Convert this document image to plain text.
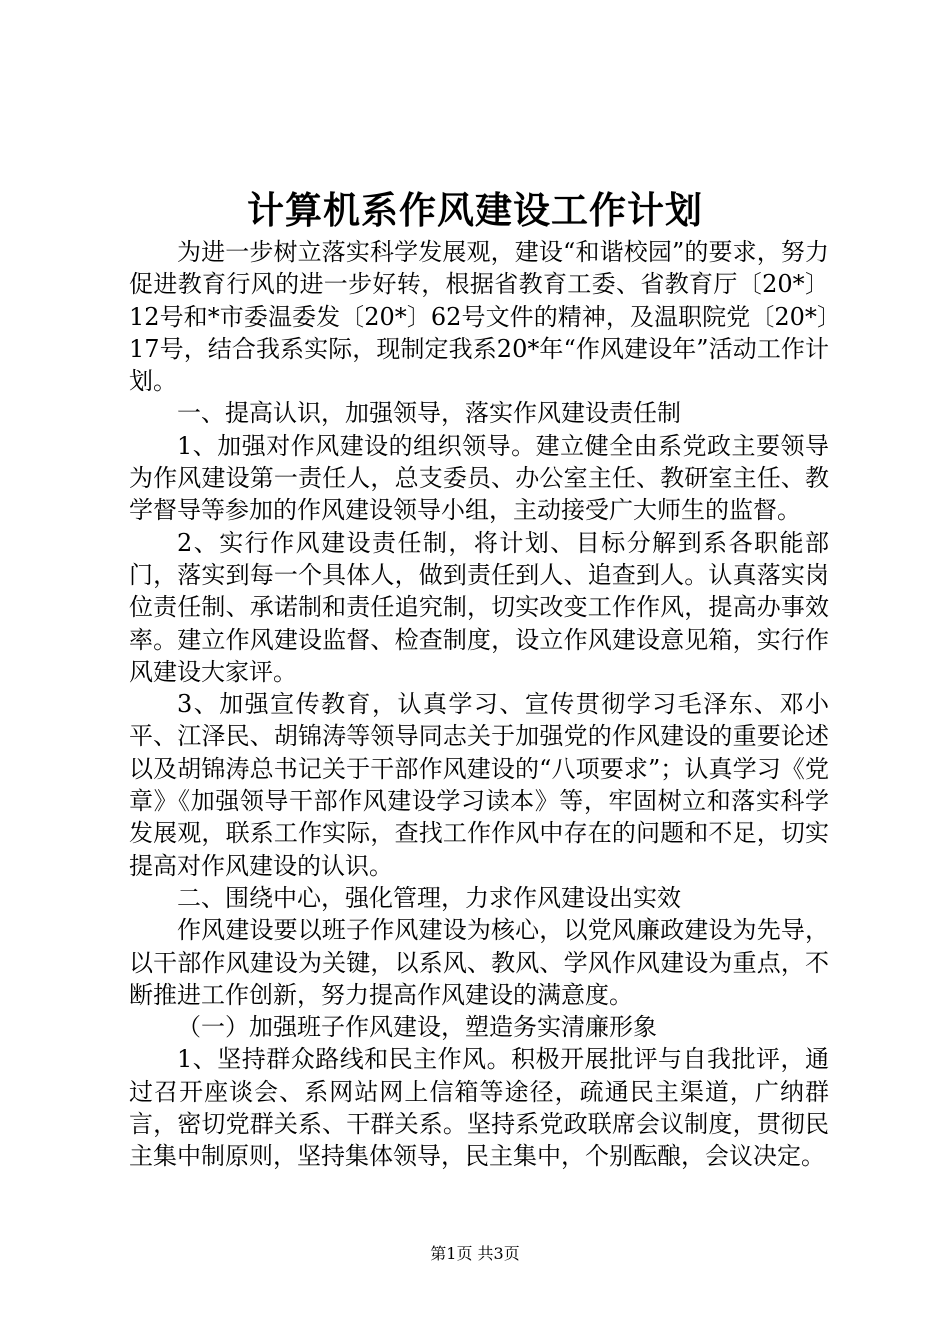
计算机系作风建设工作计划

为进一步树立落实科学发展观，建设“和谐校园”的要求，努力促进教育行风的进一步好转，根据省教育工委、省教育厅〔20*〕12号和*市委温委发〔20*〕62号文件的精神，及温职院党〔20*〕17号，结合我系实际，现制定我系20*年“作风建设年”活动工作计划。

一、提高认识，加强领导，落实作风建设责任制

1、加强对作风建设的组织领导。建立健全由系党政主要领导为作风建设第一责任人，总支委员、办公室主任、教研室主任、教学督导等参加的作风建设领导小组，主动接受广大师生的监督。

2、实行作风建设责任制，将计划、目标分解到系各职能部门，落实到每一个具体人，做到责任到人、追查到人。认真落实岗位责任制、承诺制和责任追究制，切实改变工作作风，提高办事效率。建立作风建设监督、检查制度，设立作风建设意见箱，实行作风建设大家评。

3、加强宣传教育，认真学习、宣传贯彻学习毛泽东、邓小平、江泽民、胡锦涛等领导同志关于加强党的作风建设的重要论述以及胡锦涛总书记关于干部作风建设的“八项要求”；认真学习《党章》《加强领导干部作风建设学习读本》等，牢固树立和落实科学发展观，联系工作实际，查找工作作风中存在的问题和不足，切实提高对作风建设的认识。

二、围绕中心，强化管理，力求作风建设出实效

作风建设要以班子作风建设为核心，以党风廉政建设为先导，以干部作风建设为关键，以系风、教风、学风作风建设为重点，不断推进工作创新，努力提高作风建设的满意度。

（一）加强班子作风建设，塑造务实清廉形象

1、坚持群众路线和民主作风。积极开展批评与自我批评，通过召开座谈会、系网站网上信箱等途径，疏通民主渠道，广纳群言，密切党群关系、干群关系。坚持系党政联席会议制度，贯彻民主集中制原则，坚持集体领导，民主集中，个别酝酿，会议决定。

第1页 共3页
